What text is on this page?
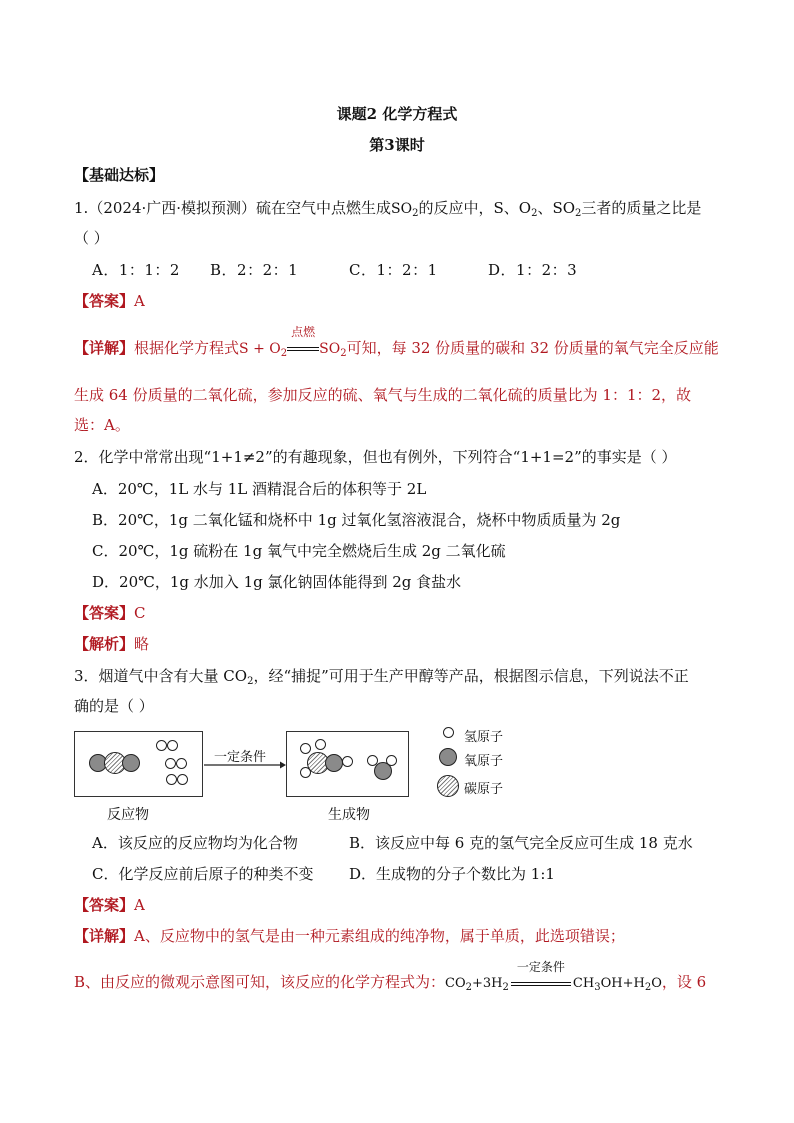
课题2 化学方程式
第3课时
【基础达标】
1.（2024·广西·模拟预测）硫在空气中点燃生成$SO_2$的反应中，S、$O_2$、$SO_2$三者的质量之比是
（ ）
A．1：1：2 B．2：2：1	C．1：2：1	D．1：2：3
【答案】A
【详解】根据化学方程式$S + O_2$
点燃
$SO_2$可知，每 32 份质量的碳和 32 份质量的氧气完全反应能
生成 64 份质量的二氧化硫，参加反应的硫、氧气与生成的二氧化硫的质量比为 1：1：2，故
选：A。
2．化学中常常出现“1+1≠2”的有趣现象，但也有例外，下列符合“1+1=2”的事实是（ ）
A．20℃，1L 水与 1L 酒精混合后的体积等于 2L
B．20℃，1g 二氧化锰和烧杯中 1g 过氧化氢溶液混合，烧杯中物质质量为 2g
C．20℃，1g 硫粉在 1g 氧气中完全燃烧后生成 2g 二氧化硫
D．20℃，1g 水加入 1g 氯化钠固体能得到 2g 食盐水
【答案】C
【解析】略
3．烟道气中含有大量 $CO_2$，经“捕捉”可用于生产甲醇等产品，根据图示信息，下列说法不正
确的是（ ）
反应物
一定条件
生成物
氢原子
氧原子
碳原子
A．该反应的反应物均为化合物	B．该反应中每 6 克的氢气完全反应可生成 18 克水
C．化学反应前后原子的种类不变 D．生成物的分子个数比为 1:1
【答案】A
【详解】A、反应物中的氢气是由一种元素组成的纯净物，属于单质，此选项错误；
B、由反应的微观示意图可知，该反应的化学方程式为：$CO_2+3H_2$
一定条件
$CH_3OH+H_2O$，设 6
